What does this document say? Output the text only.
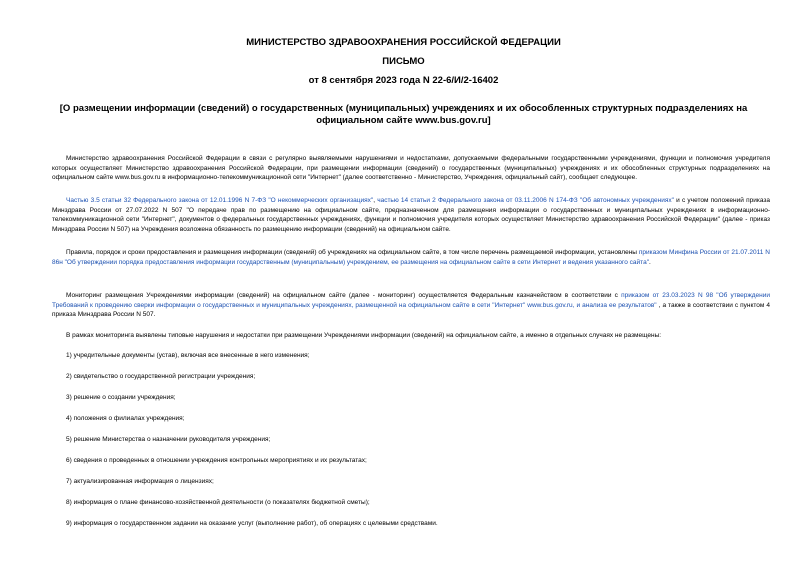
МИНИСТЕРСТВО ЗДРАВООХРАНЕНИЯ РОССИЙСКОЙ ФЕДЕРАЦИИ
ПИСЬМО
от 8 сентября 2023 года N 22-6/И/2-16402
[О размещении информации (сведений) о государственных (муниципальных) учреждениях и их обособленных структурных подразделениях на официальном сайте www.bus.gov.ru]
Министерство здравоохранения Российской Федерации в связи с регулярно выявляемыми нарушениями и недостатками, допускаемыми федеральными государственными учреждениями, функции и полномочия учредителя которых осуществляет Министерство здравоохранения Российской Федерации, при размещении информации (сведений) о государственных (муниципальных) учреждениях и их обособленных структурных подразделениях на официальном сайте www.bus.gov.ru в информационно-телекоммуникационной сети "Интернет" (далее соответственно - Министерство, Учреждения, официальный сайт), сообщает следующее.
Частью 3.5 статьи 32 Федерального закона от 12.01.1996 N 7-ФЗ "О некоммерческих организациях", частью 14 статьи 2 Федерального закона от 03.11.2006 N 174-ФЗ "Об автономных учреждениях" и с учетом положений приказа Минздрава России от 27.07.2022 N 507 "О передаче прав по размещению на официальном сайте, предназначенном для размещения информации о государственных и муниципальных учреждениях в информационно-телекоммуникационной сети "Интернет", документов о федеральных государственных учреждениях, функции и полномочия учредителя которых осуществляет Министерство здравоохранения Российской Федерации" (далее - приказ Минздрава России N 507) на Учреждения возложена обязанность по размещению информации (сведений) на официальном сайте.
Правила, порядок и сроки предоставления и размещения информации (сведений) об учреждениях на официальном сайте, в том числе перечень размещаемой информации, установлены приказом Минфина России от 21.07.2011 N 86н "Об утверждении порядка предоставления информации государственным (муниципальным) учреждением, ее размещения на официальном сайте в сети Интернет и ведения указанного сайта".
Мониторинг размещения Учреждениями информации (сведений) на официальном сайте (далее - мониторинг) осуществляется Федеральным казначейством в соответствии с приказом от 23.03.2023 N 98 "Об утверждении Требований к проведению сверки информации о государственных и муниципальных учреждениях, размещенной на официальном сайте в сети "Интернет" www.bus.gov.ru, и анализа ее результатов" , а также в соответствии с пунктом 4 приказа Минздрава России N 507.
В рамках мониторинга выявлены типовые нарушения и недостатки при размещении Учреждениями информации (сведений) на официальном сайте, а именно в отдельных случаях не размещены:
1) учредительные документы (устав), включая все внесенные в него изменения;
2) свидетельство о государственной регистрации учреждения;
3) решение о создании учреждения;
4) положения о филиалах учреждения;
5) решение Министерства о назначении руководителя учреждения;
6) сведения о проведенных в отношении учреждения контрольных мероприятиях и их результатах;
7) актуализированная информация о лицензиях;
8) информация о плане финансово-хозяйственной деятельности (о показателях бюджетной сметы);
9) информация о государственном задании на оказание услуг (выполнение работ), об операциях с целевыми средствами.
